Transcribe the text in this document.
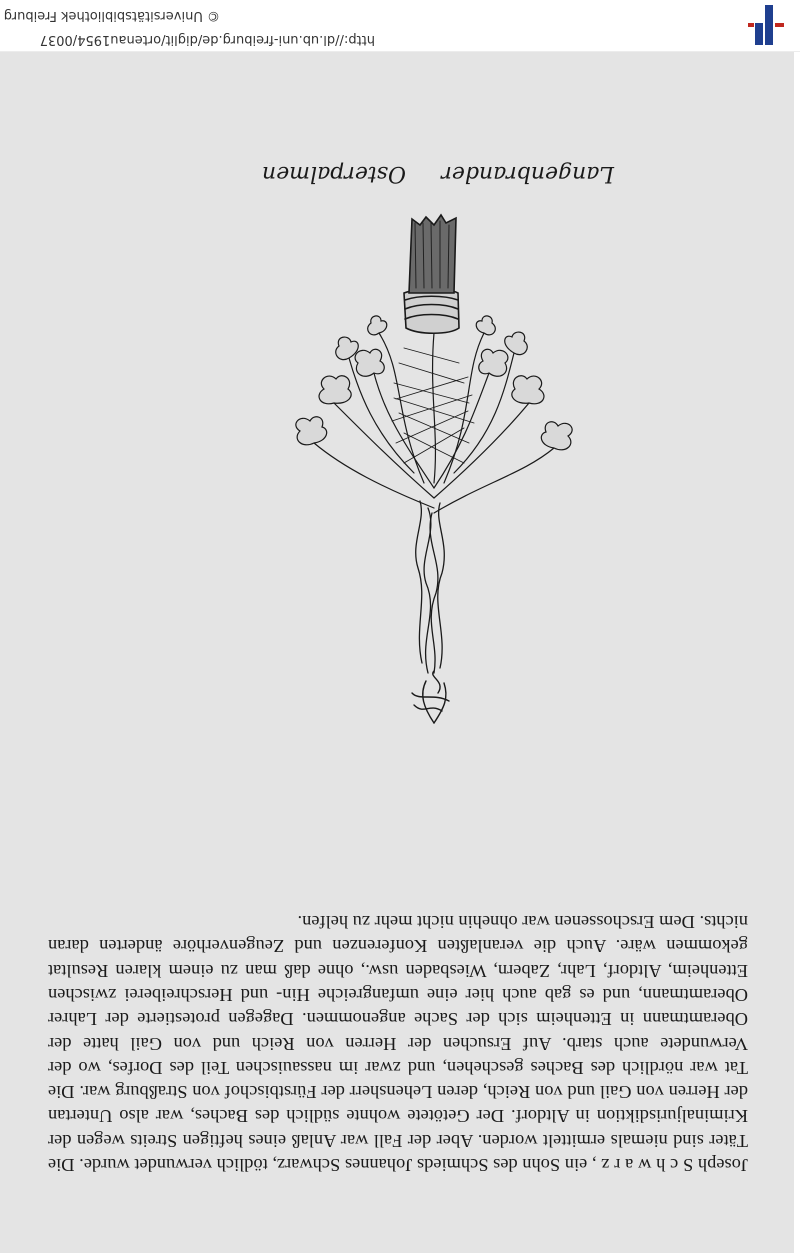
http://dl.ub.uni-freiburg.de/diglit/ortenau1954/0037
© Universitätsbibliothek Freiburg

Joseph Schwarz, ein Sohn des Schmieds Johannes Schwarz, tödlich verwundet wurde. Die Täter sind niemals ermittelt worden. Aber der Fall war Anlaß eines heftigen Streits wegen der Kriminaljurisdiktion in Altdorf. Der Getötete wohnte südlich des Baches, war also Untertan der Herren von Gail und von Reich, deren Lehensherr der Fürstbischof von Straßburg war. Die Tat war nördlich des Baches geschehen, und zwar im nassauischen Teil des Dorfes, wo der Verwundete auch starb. Auf Ersuchen der Herren von Reich und von Gail hatte der Oberamtmann in Ettenheim sich der Sache angenommen. Dagegen protestierte der Lahrer Oberamtmann, und es gab auch hier eine umfangreiche Hin- und Herschreiberei zwischen Ettenheim, Altdorf, Lahr, Zabern, Wiesbaden usw., ohne daß man zu einem klaren Resultat gekommen wäre. Auch die veranlaßten Konferenzen und Zeugenverhöre änderten daran nichts. Dem Erschossenen war ohnehin nicht mehr zu helfen.

Langenbrander
Osterpalmen
